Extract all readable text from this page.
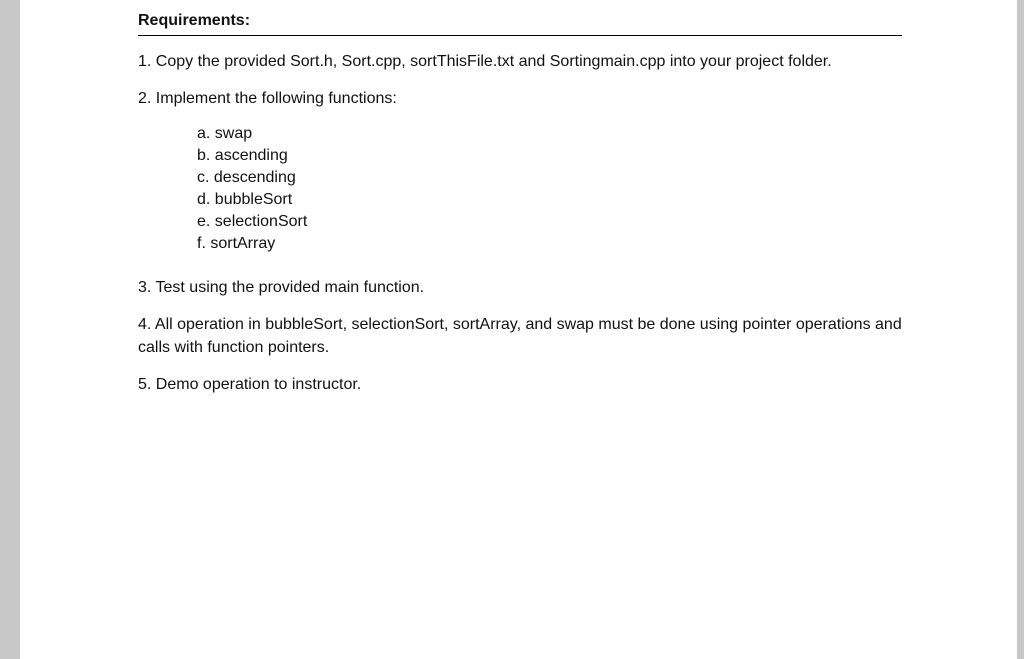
Requirements:

1. Copy the provided Sort.h, Sort.cpp, sortThisFile.txt and Sortingmain.cpp into your project folder.

2. Implement the following functions:

a. swap
b. ascending
c. descending
d. bubbleSort
e. selectionSort
f. sortArray

3. Test using the provided main function.

4. All operation in bubbleSort, selectionSort, sortArray, and swap must be done using pointer operations and calls with function pointers.

5. Demo operation to instructor.
